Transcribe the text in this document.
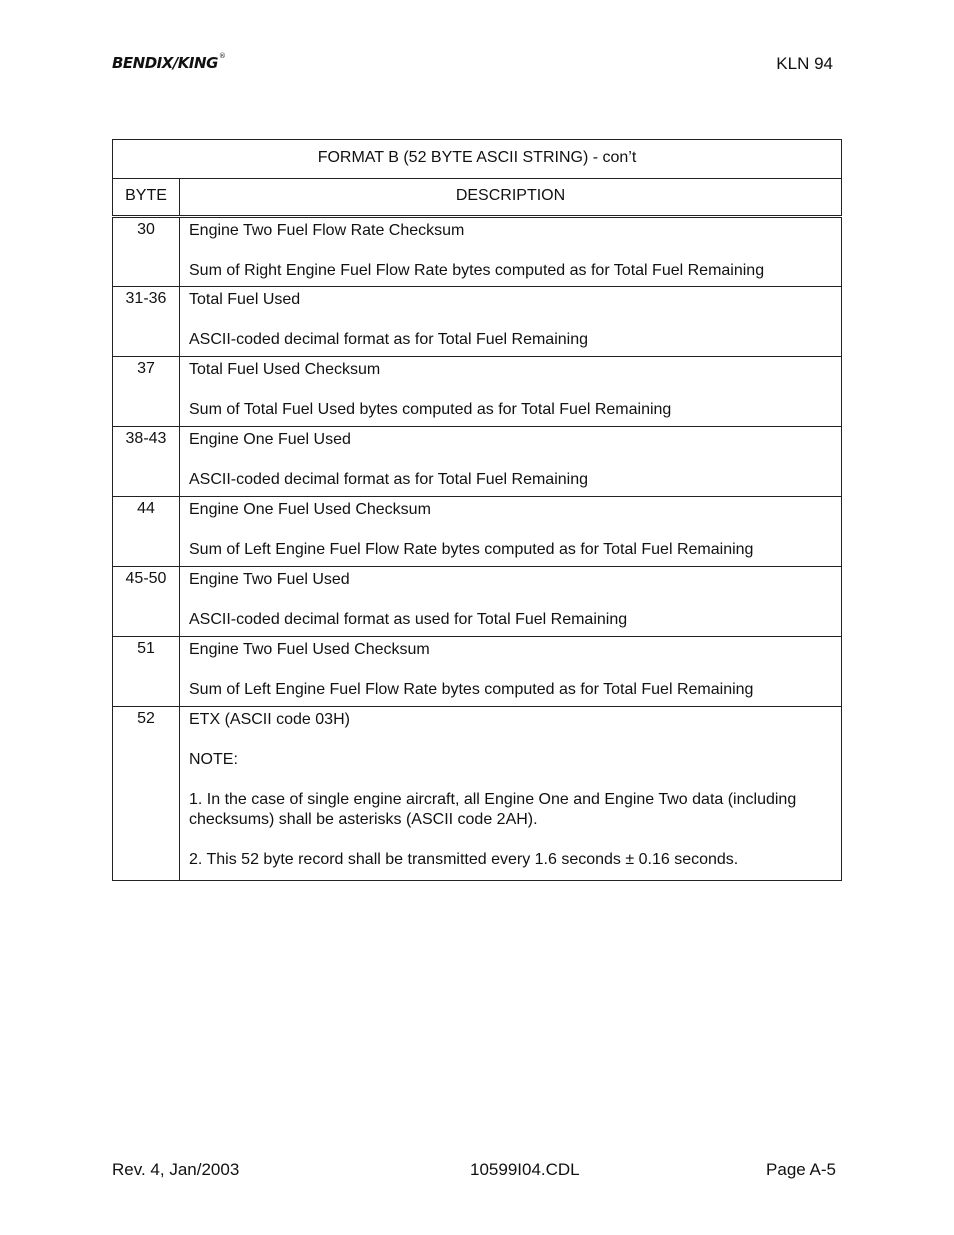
BENDIX/KING®	KLN 94
FORMAT B (52 BYTE ASCII STRING) - con’t	
BYTE	DESCRIPTION
30	Engine Two Fuel Flow Rate Checksum

Sum of Right Engine Fuel Flow Rate bytes computed as for Total Fuel Remaining

31-36	Total Fuel Used

ASCII-coded decimal format as for Total Fuel Remaining

37	Total Fuel Used Checksum

Sum of Total Fuel Used bytes computed as for Total Fuel Remaining

38-43	Engine One Fuel Used

ASCII-coded decimal format as for Total Fuel Remaining

44	Engine One Fuel Used Checksum

Sum of Left Engine Fuel Flow Rate bytes computed as for Total Fuel Remaining

45-50	Engine Two Fuel Used

ASCII-coded decimal format as used for Total Fuel Remaining

51	Engine Two Fuel Used Checksum

Sum of Left Engine Fuel Flow Rate bytes computed as for Total Fuel Remaining

52	ETX (ASCII code 03H)

NOTE:

1. In the case of single engine aircraft, all Engine One and Engine Two data (including checksums) shall be asterisks (ASCII code 2AH).

2. This 52 byte record shall be transmitted every 1.6 seconds ± 0.16 seconds.

Rev. 4, Jan/2003	10599I04.CDL	Page A-5
